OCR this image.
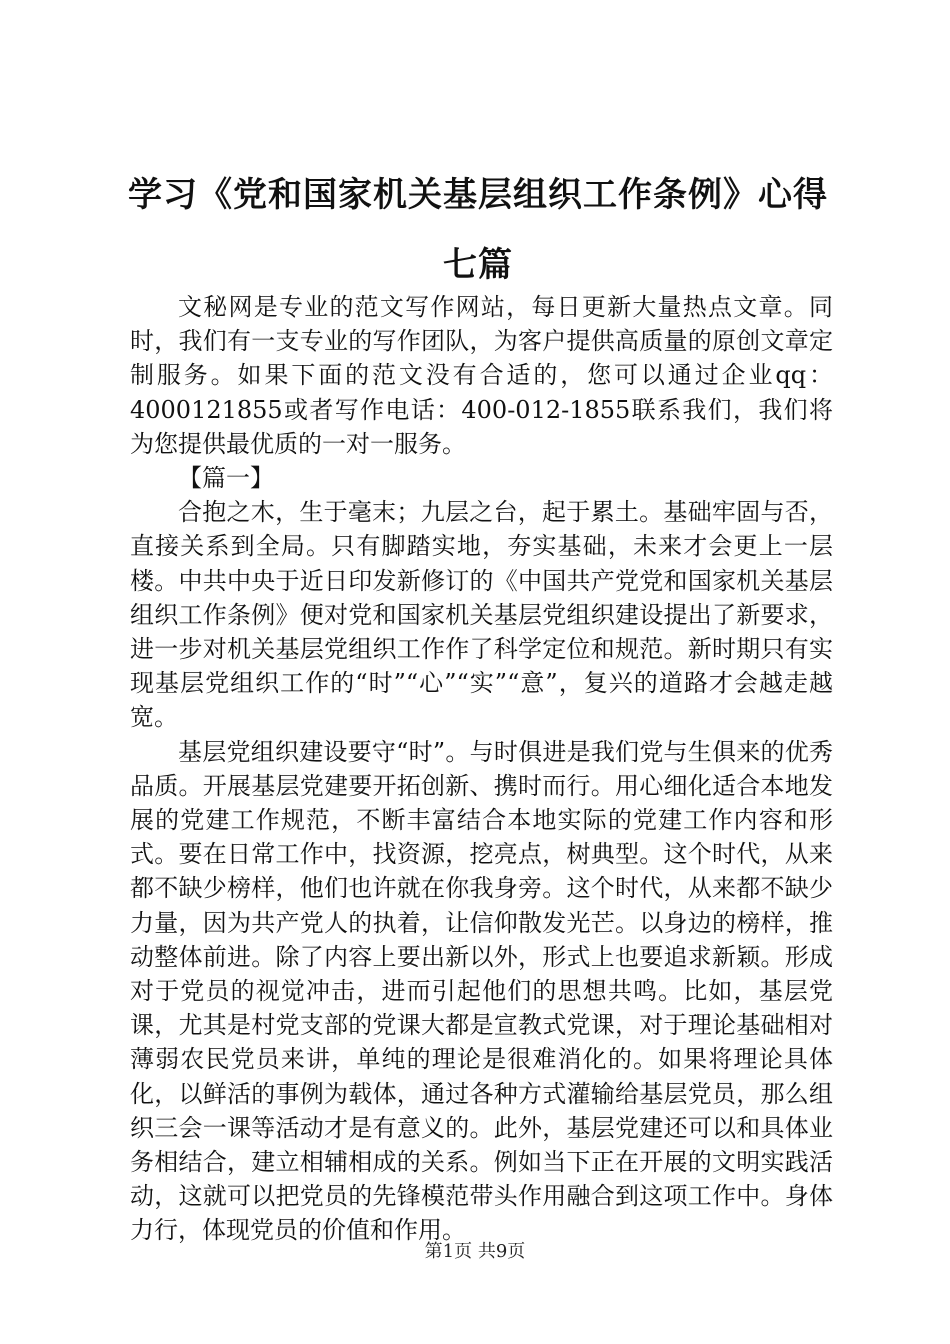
学习《党和国家机关基层组织工作条例》心得七篇

文秘网是专业的范文写作网站，每日更新大量热点文章。同时，我们有一支专业的写作团队，为客户提供高质量的原创文章定制服务。如果下面的范文没有合适的，您可以通过企业qq：4000121855或者写作电话：400-012-1855联系我们，我们将为您提供最优质的一对一服务。

【篇一】

合抱之木，生于毫末；九层之台，起于累土。基础牢固与否，直接关系到全局。只有脚踏实地，夯实基础，未来才会更上一层楼。中共中央于近日印发新修订的《中国共产党党和国家机关基层组织工作条例》便对党和国家机关基层党组织建设提出了新要求，进一步对机关基层党组织工作作了科学定位和规范。新时期只有实现基层党组织工作的“时”“心”“实”“意”，复兴的道路才会越走越宽。

基层党组织建设要守“时”。与时俱进是我们党与生俱来的优秀品质。开展基层党建要开拓创新、携时而行。用心细化适合本地发展的党建工作规范，不断丰富结合本地实际的党建工作内容和形式。要在日常工作中，找资源，挖亮点，树典型。这个时代，从来都不缺少榜样，他们也许就在你我身旁。这个时代，从来都不缺少力量，因为共产党人的执着，让信仰散发光芒。以身边的榜样，推动整体前进。除了内容上要出新以外，形式上也要追求新颖。形成对于党员的视觉冲击，进而引起他们的思想共鸣。比如，基层党课，尤其是村党支部的党课大都是宣教式党课，对于理论基础相对薄弱农民党员来讲，单纯的理论是很难消化的。如果将理论具体化，以鲜活的事例为载体，通过各种方式灌输给基层党员，那么组织三会一课等活动才是有意义的。此外，基层党建还可以和具体业务相结合，建立相辅相成的关系。例如当下正在开展的文明实践活动，这就可以把党员的先锋模范带头作用融合到这项工作中。身体力行，体现党员的价值和作用。

第1页 共9页
